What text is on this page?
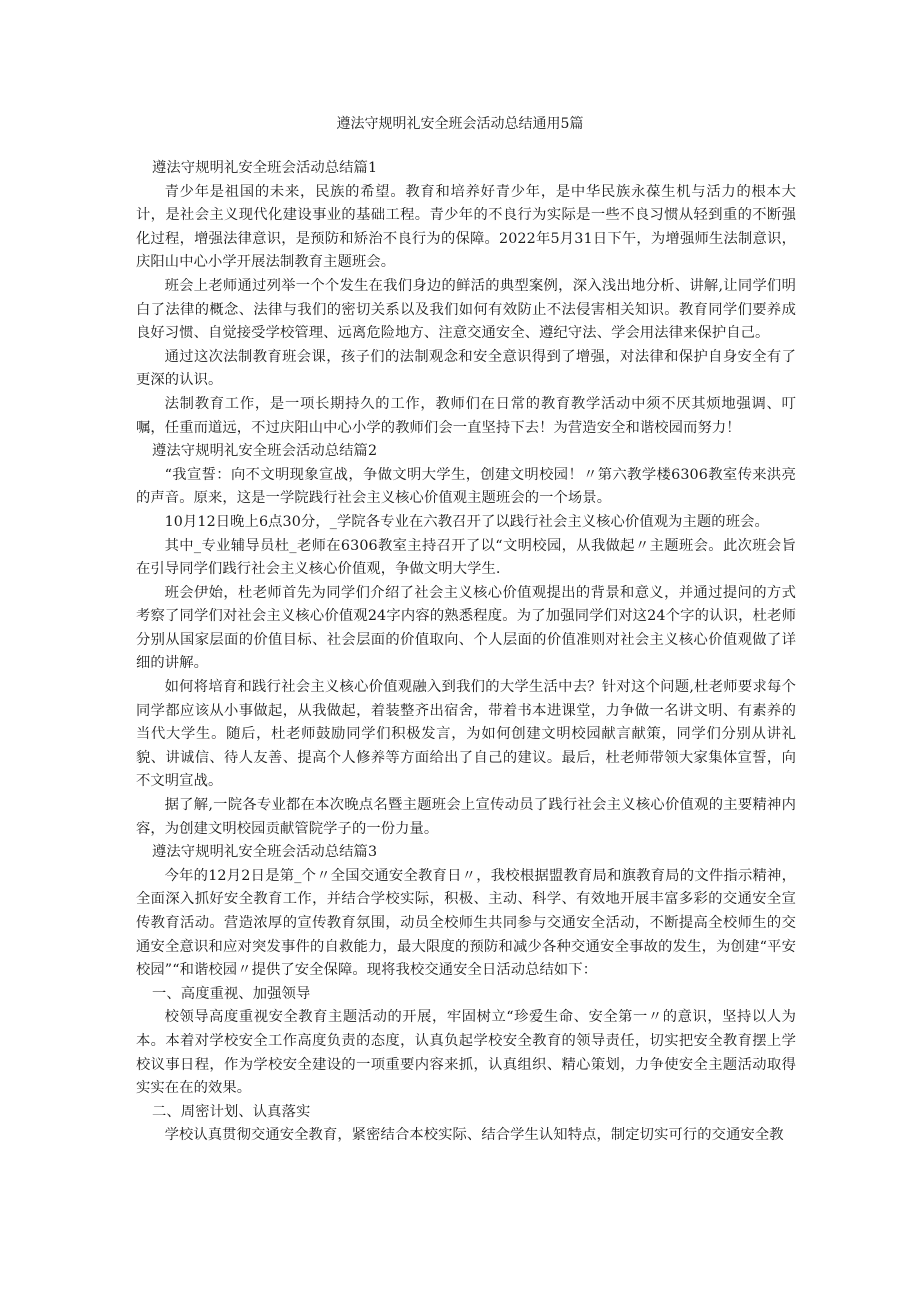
遵法守规明礼安全班会活动总结通用5篇

遵法守规明礼安全班会活动总结篇1

青少年是祖国的未来，民族的希望。教育和培养好青少年，是中华民族永葆生机与活力的根本大计，是社会主义现代化建设事业的基础工程。青少年的不良行为实际是一些不良习惯从轻到重的不断强化过程，增强法律意识，是预防和矫治不良行为的保障。2022年5月31日下午，为增强师生法制意识，庆阳山中心小学开展法制教育主题班会。

班会上老师通过列举一个个发生在我们身边的鲜活的典型案例，深入浅出地分析、讲解,让同学们明白了法律的概念、法律与我们的密切关系以及我们如何有效防止不法侵害相关知识。教育同学们要养成良好习惯、自觉接受学校管理、远离危险地方、注意交通安全、遵纪守法、学会用法律来保护自己。

通过这次法制教育班会课，孩子们的法制观念和安全意识得到了增强，对法律和保护自身安全有了更深的认识。

法制教育工作，是一项长期持久的工作，教师们在日常的教育教学活动中须不厌其烦地强调、叮嘱，任重而道远，不过庆阳山中心小学的教师们会一直坚持下去！为营造安全和谐校园而努力！

遵法守规明礼安全班会活动总结篇2

“我宣誓：向不文明现象宣战，争做文明大学生，创建文明校园！〃第六教学楼6306教室传来洪亮的声音。原来，这是一学院践行社会主义核心价值观主题班会的一个场景。

10月12日晚上6点30分，_学院各专业在六教召开了以践行社会主义核心价值观为主题的班会。

其中_专业辅导员杜_老师在6306教室主持召开了以“文明校园，从我做起〃主题班会。此次班会旨在引导同学们践行社会主义核心价值观，争做文明大学生.

班会伊始，杜老师首先为同学们介绍了社会主义核心价值观提出的背景和意义，并通过提问的方式考察了同学们对社会主义核心价值观24字内容的熟悉程度。为了加强同学们对这24个字的认识，杜老师分别从国家层面的价值目标、社会层面的价值取向、个人层面的价值准则对社会主义核心价值观做了详细的讲解。

如何将培育和践行社会主义核心价值观融入到我们的大学生活中去？针对这个问题,杜老师要求每个同学都应该从小事做起，从我做起，着装整齐出宿舍，带着书本进课堂，力争做一名讲文明、有素养的当代大学生。随后，杜老师鼓励同学们积极发言，为如何创建文明校园献言献策，同学们分别从讲礼貌、讲诚信、待人友善、提高个人修养等方面给出了自己的建议。最后，杜老师带领大家集体宣誓，向不文明宣战。

据了解,一院各专业都在本次晚点名暨主题班会上宣传动员了践行社会主义核心价值观的主要精神内容，为创建文明校园贡献管院学子的一份力量。

遵法守规明礼安全班会活动总结篇3

今年的12月2日是第_个〃全国交通安全教育日〃，我校根据盟教育局和旗教育局的文件指示精神，全面深入抓好安全教育工作，并结合学校实际，积极、主动、科学、有效地开展丰富多彩的交通安全宣传教育活动。营造浓厚的宣传教育氛围，动员全校师生共同参与交通安全活动，不断提高全校师生的交通安全意识和应对突发事件的自救能力，最大限度的预防和减少各种交通安全事故的发生，为创建“平安校园”“和谐校园〃提供了安全保障。现将我校交通安全日活动总结如下：

一、高度重视、加强领导

校领导高度重视安全教育主题活动的开展，牢固树立“珍爱生命、安全第一〃的意识，坚持以人为本。本着对学校安全工作高度负责的态度，认真负起学校安全教育的领导责任，切实把安全教育摆上学校议事日程，作为学校安全建设的一项重要内容来抓，认真组织、精心策划，力争使安全主题活动取得实实在在的效果。

二、周密计划、认真落实

学校认真贯彻交通安全教育，紧密结合本校实际、结合学生认知特点，制定切实可行的交通安全教
